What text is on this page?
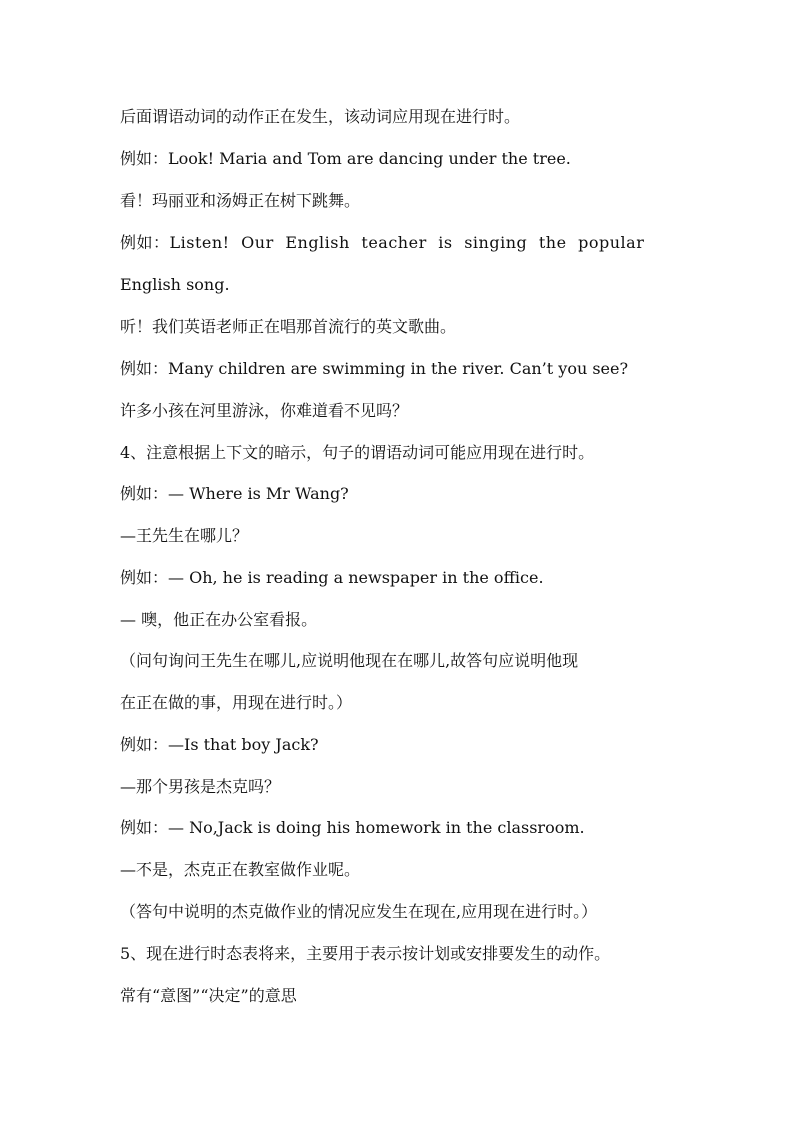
后面谓语动词的动作正在发生，该动词应用现在进行时。
例如：Look! Maria and Tom are dancing under the tree.
看！玛丽亚和汤姆正在树下跳舞。
例如：Listen! Our English teacher is singing the popular
English song.
听！我们英语老师正在唱那首流行的英文歌曲。
例如：Many children are swimming in the river. Can’t you see?
许多小孩在河里游泳，你难道看不见吗？
4、注意根据上下文的暗示，句子的谓语动词可能应用现在进行时。
例如：— Where is Mr Wang?
—王先生在哪儿？
例如：— Oh, he is reading a newspaper in the office.
— 噢，他正在办公室看报。
（问句询问王先生在哪儿,应说明他现在在哪儿,故答句应说明他现
在正在做的事，用现在进行时。）
例如：—Is that boy Jack?
—那个男孩是杰克吗？
例如：— No,Jack is doing his homework in the classroom.
—不是，杰克正在教室做作业呢。
（答句中说明的杰克做作业的情况应发生在现在,应用现在进行时。）
5、现在进行时态表将来，主要用于表示按计划或安排要发生的动作。
常有“意图”“决定”的意思
